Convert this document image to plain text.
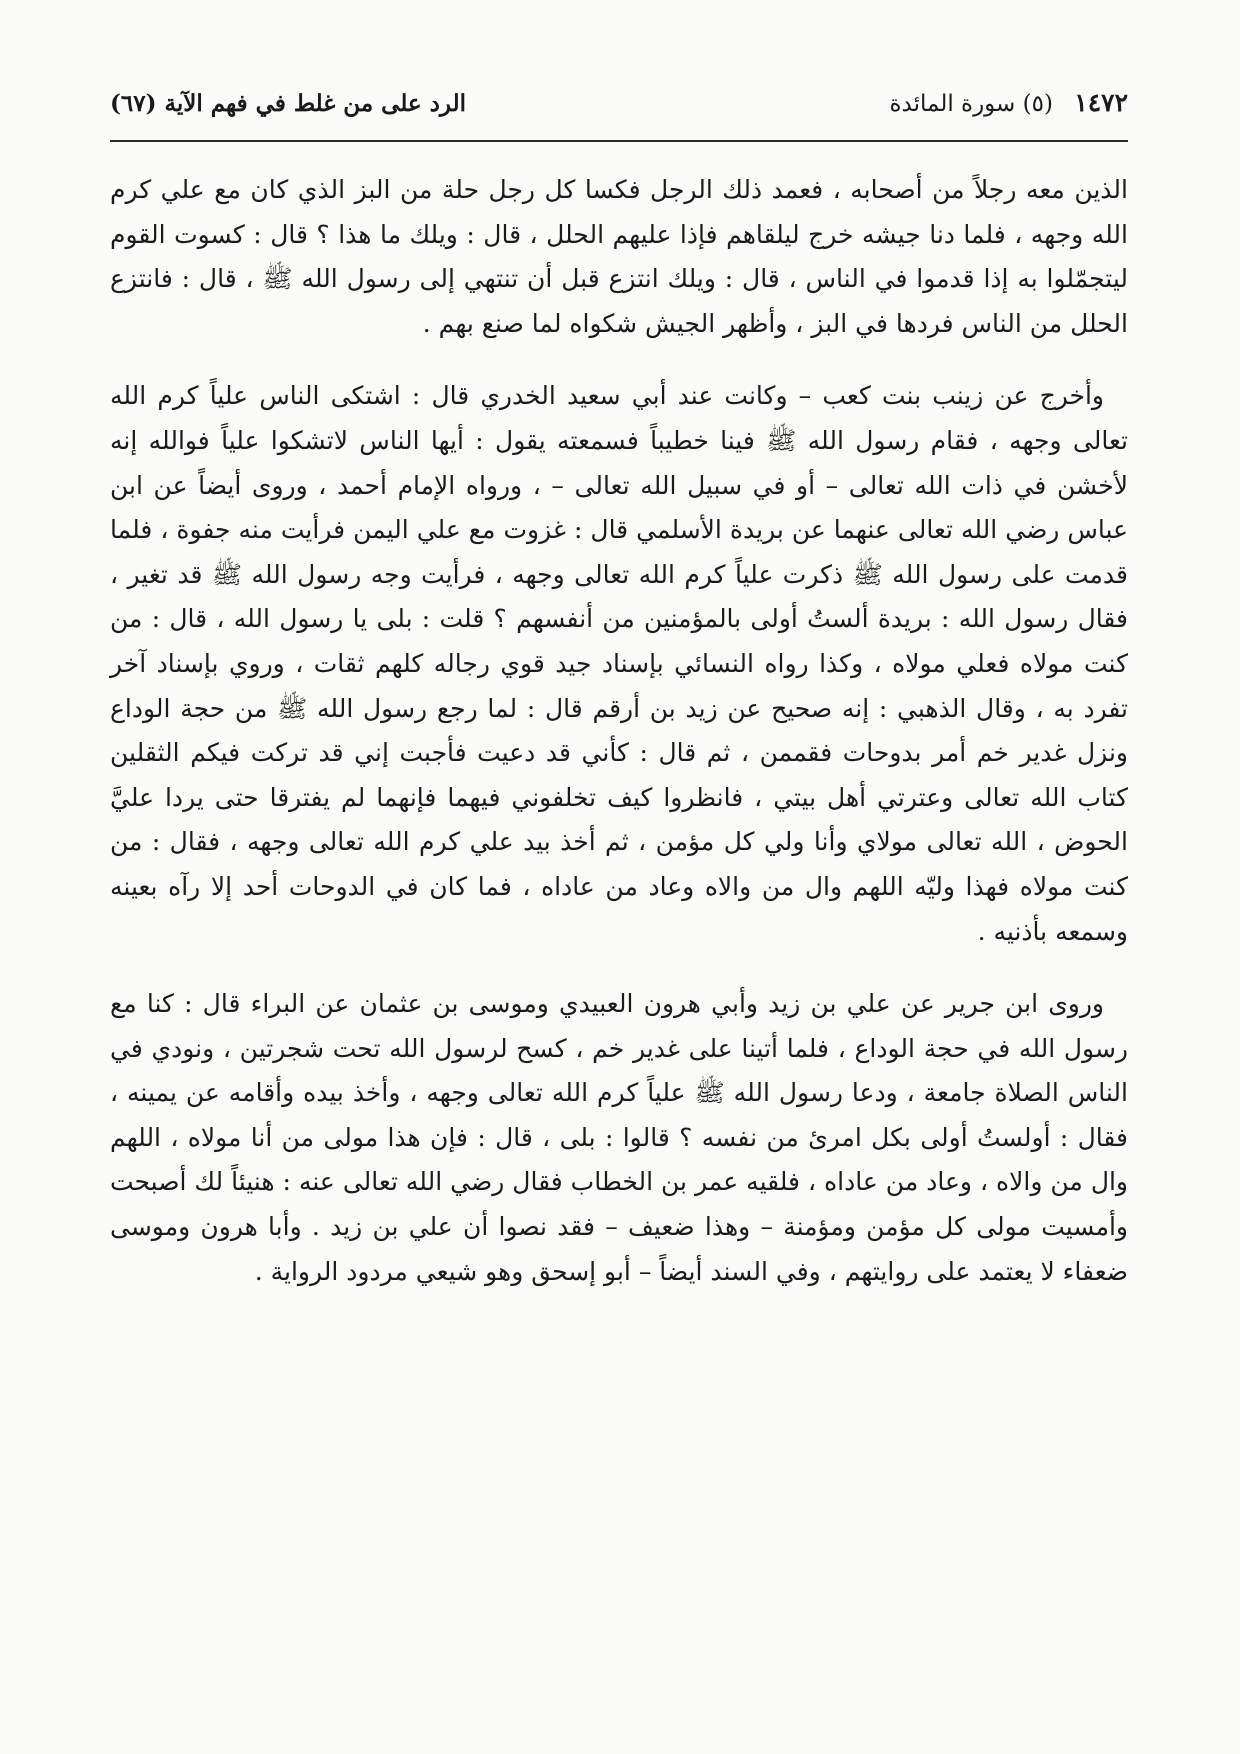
١٤٧٢ (٥) سورة المائدة
الرد على من غلط في فهم الآية (٦٧)

الذين معه رجلاً من أصحابه ، فعمد ذلك الرجل فكسا كل رجل حلة من البز الذي كان مع علي كرم الله وجهه ، فلما دنا جيشه خرج ليلقاهم فإذا عليهم الحلل ، قال : ويلك ما هذا ؟ قال : كسوت القوم ليتجمّلوا به إذا قدموا في الناس ، قال : ويلك انتزع قبل أن تنتهي إلى رسول الله ﷺ ، قال : فانتزع الحلل من الناس فردها في البز ، وأظهر الجيش شكواه لما صنع بهم .

وأخرج عن زينب بنت كعب – وكانت عند أبي سعيد الخدري قال : اشتكى الناس علياً كرم الله تعالى وجهه ، فقام رسول الله ﷺ فينا خطيباً فسمعته يقول : أيها الناس لاتشكوا علياً فوالله إنه لأخشن في ذات الله تعالى – أو في سبيل الله تعالى – ، ورواه الإمام أحمد ، وروى أيضاً عن ابن عباس رضي الله تعالى عنهما عن بريدة الأسلمي قال : غزوت مع علي اليمن فرأيت منه جفوة ، فلما قدمت على رسول الله ﷺ ذكرت علياً كرم الله تعالى وجهه ، فرأيت وجه رسول الله ﷺ قد تغير ، فقال رسول الله : بريدة ألستُ أولى بالمؤمنين من أنفسهم ؟ قلت : بلى يا رسول الله ، قال : من كنت مولاه فعلي مولاه ، وكذا رواه النسائي بإسناد جيد قوي رجاله كلهم ثقات ، وروي بإسناد آخر تفرد به ، وقال الذهبي : إنه صحيح عن زيد بن أرقم قال : لما رجع رسول الله ﷺ من حجة الوداع ونزل غدير خم أمر بدوحات فقممن ، ثم قال : كأني قد دعيت فأجبت إني قد تركت فيكم الثقلين كتاب الله تعالى وعترتي أهل بيتي ، فانظروا كيف تخلفوني فيهما فإنهما لم يفترقا حتى يردا عليَّ الحوض ، الله تعالى مولاي وأنا ولي كل مؤمن ، ثم أخذ بيد علي كرم الله تعالى وجهه ، فقال : من كنت مولاه فهذا وليّه اللهم وال من والاه وعاد من عاداه ، فما كان في الدوحات أحد إلا رآه بعينه وسمعه بأذنيه .

وروى ابن جرير عن علي بن زيد وأبي هرون العبيدي وموسى بن عثمان عن البراء قال : كنا مع رسول الله في حجة الوداع ، فلما أتينا على غدير خم ، كسح لرسول الله تحت شجرتين ، ونودي في الناس الصلاة جامعة ، ودعا رسول الله ﷺ علياً كرم الله تعالى وجهه ، وأخذ بيده وأقامه عن يمينه ، فقال : أولستُ أولى بكل امرئ من نفسه ؟ قالوا : بلى ، قال : فإن هذا مولى من أنا مولاه ، اللهم وال من والاه ، وعاد من عاداه ، فلقيه عمر بن الخطاب فقال رضي الله تعالى عنه : هنيئاً لك أصبحت وأمسيت مولى كل مؤمن ومؤمنة – وهذا ضعيف – فقد نصوا أن علي بن زيد . وأبا هرون وموسى ضعفاء لا يعتمد على روايتهم ، وفي السند أيضاً – أبو إسحق وهو شيعي مردود الرواية .
